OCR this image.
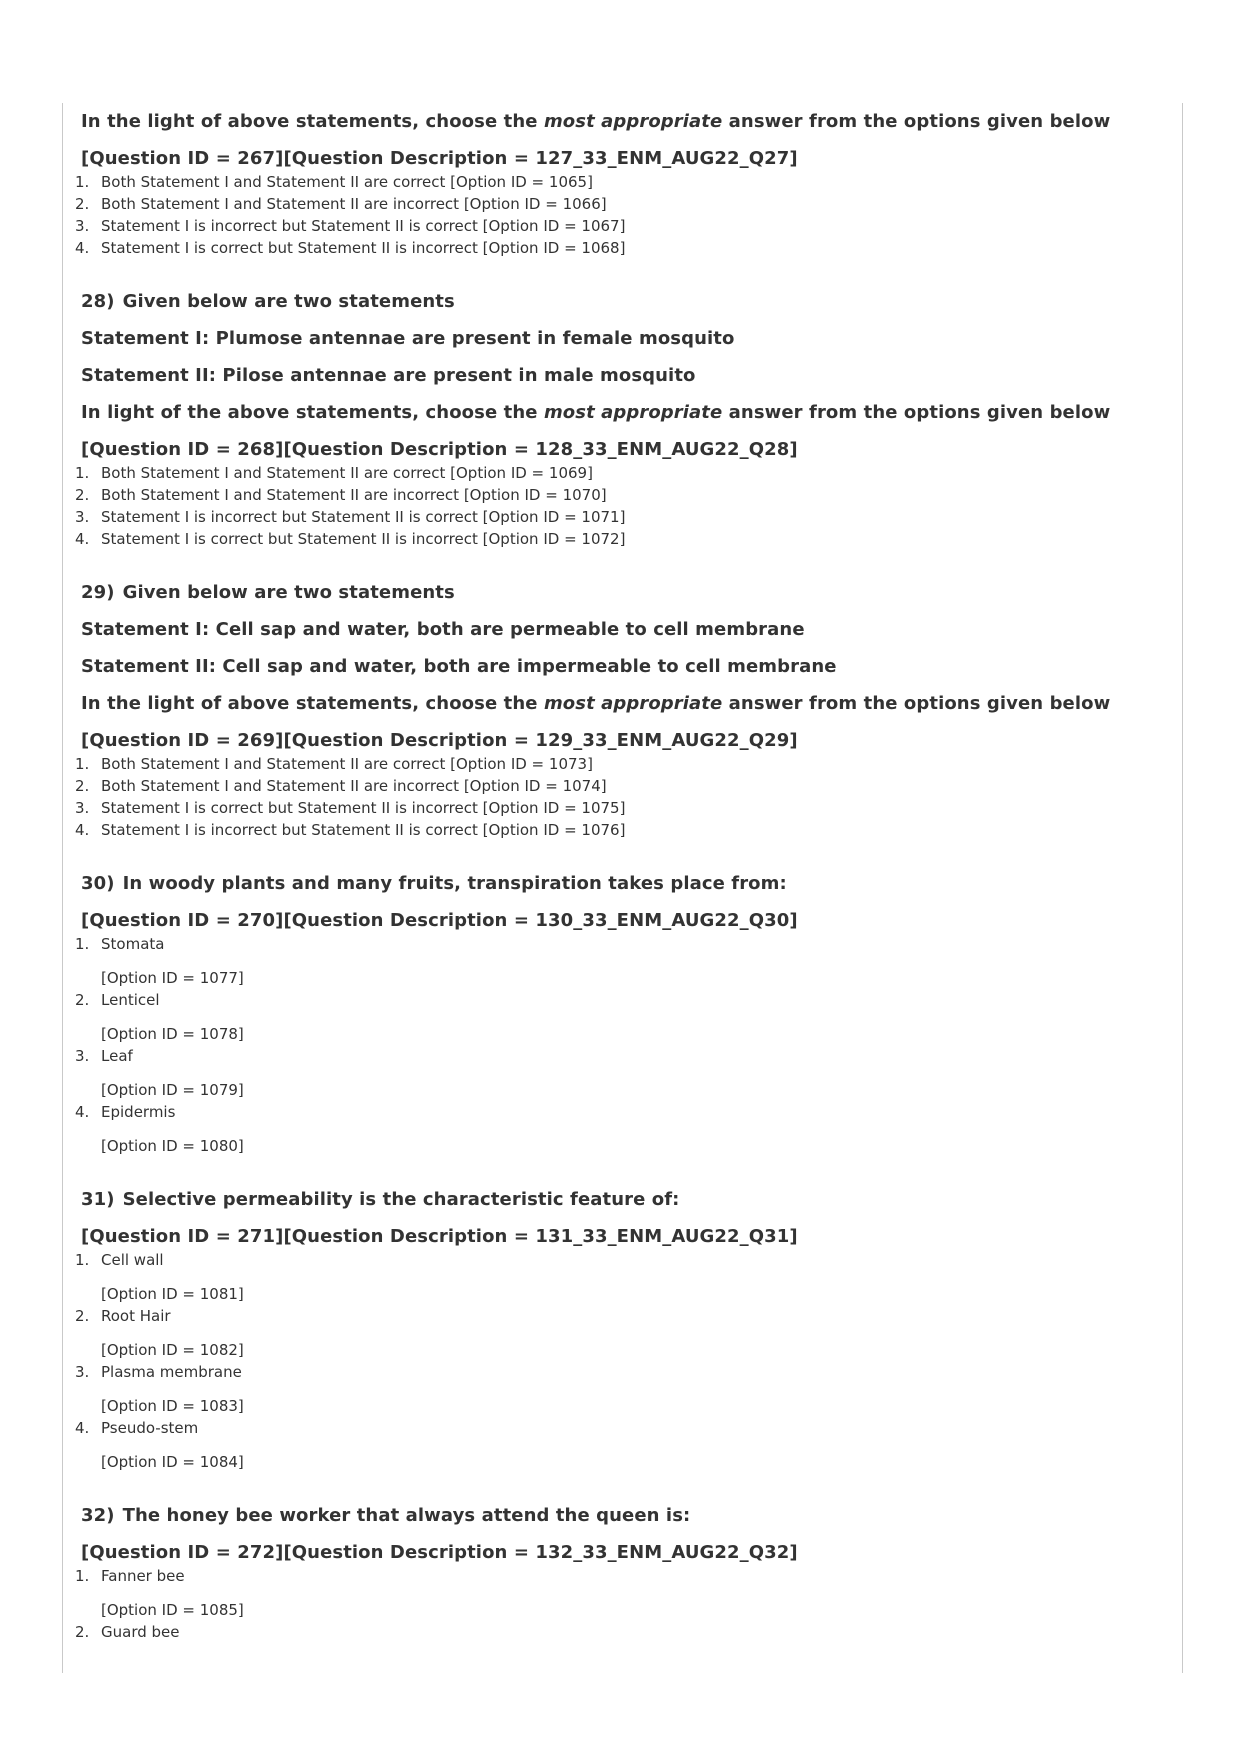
In the light of above statements, choose the most appropriate answer from the options given below

[Question ID = 267][Question Description = 127_33_ENM_AUG22_Q27]

1. Both Statement I and Statement II are correct [Option ID = 1065]
2. Both Statement I and Statement II are incorrect [Option ID = 1066]
3. Statement I is incorrect but Statement II is correct [Option ID = 1067]
4. Statement I is correct but Statement II is incorrect [Option ID = 1068]

28) Given below are two statements

Statement I: Plumose antennae are present in female mosquito

Statement II: Pilose antennae are present in male mosquito

In light of the above statements, choose the most appropriate answer from the options given below

[Question ID = 268][Question Description = 128_33_ENM_AUG22_Q28]

1. Both Statement I and Statement II are correct [Option ID = 1069]
2. Both Statement I and Statement II are incorrect [Option ID = 1070]
3. Statement I is incorrect but Statement II is correct [Option ID = 1071]
4. Statement I is correct but Statement II is incorrect [Option ID = 1072]

29) Given below are two statements

Statement I: Cell sap and water, both are permeable to cell membrane

Statement II: Cell sap and water, both are impermeable to cell membrane

In the light of above statements, choose the most appropriate answer from the options given below

[Question ID = 269][Question Description = 129_33_ENM_AUG22_Q29]

1. Both Statement I and Statement II are correct [Option ID = 1073]
2. Both Statement I and Statement II are incorrect [Option ID = 1074]
3. Statement I is correct but Statement II is incorrect [Option ID = 1075]
4. Statement I is incorrect but Statement II is correct [Option ID = 1076]

30) In woody plants and many fruits, transpiration takes place from:

[Question ID = 270][Question Description = 130_33_ENM_AUG22_Q30]

1. Stomata
[Option ID = 1077]
2. Lenticel
[Option ID = 1078]
3. Leaf
[Option ID = 1079]
4. Epidermis
[Option ID = 1080]

31) Selective permeability is the characteristic feature of:

[Question ID = 271][Question Description = 131_33_ENM_AUG22_Q31]

1. Cell wall
[Option ID = 1081]
2. Root Hair
[Option ID = 1082]
3. Plasma membrane
[Option ID = 1083]
4. Pseudo-stem
[Option ID = 1084]

32) The honey bee worker that always attend the queen is:

[Question ID = 272][Question Description = 132_33_ENM_AUG22_Q32]

1. Fanner bee
[Option ID = 1085]
2. Guard bee
